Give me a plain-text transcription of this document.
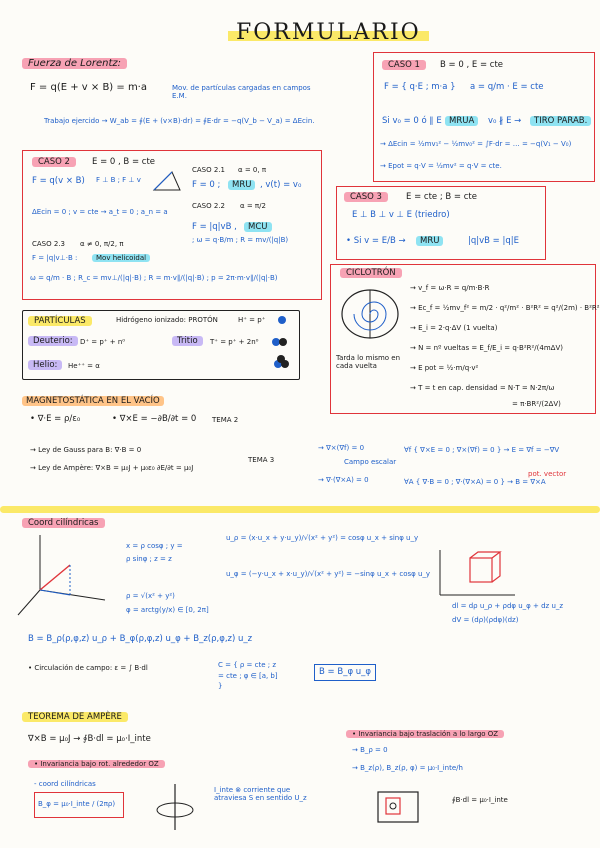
FORMULARIO
Fuerza de Lorentz:
F = q(E + v × B) = m·a	Mov. de partículas cargadas en campos E.M.
Trabajo ejercido → W_ab = ∮(E + (v×B)·dr) = ∮E·dr = −q(V_b − V_a) = ΔEcin.
CASO 1	B = 0 , E = cte
F = { q·E ; m·a } a = q/m · E = cte
Si v₀ = 0 ó ∥ E MRUA	v₀ ∦ E →	TIRO PARAB.
→ ΔEcin = ½mv₁² − ½mv₀² = ∫F·dr = … = −q(V₁ − V₀)
→ Epot = q·V = ½mv² = q·V = cte.
CASO 2	E = 0 , B = cte
F = q(v × B) F ⊥ B ; F ⊥ v
ΔEcin = 0 ; v = cte → a_t = 0 ; a_n = a
CASO 2.1 α = 0, π
F = 0 ;	MRU	, v(t) = v₀
CASO 2.2 α = π/2
F = |q|vB ,	MCU
; ω = q·B/m ; R = mv/(|q|B)
CASO 2.3 α ≠ 0, π/2, π
F = |q|v⊥·B :	Mov helicoidal
ω = q/m · B ; R_c = mv⊥/(|q|·B) ; R = m·v∥/(|q|·B) ; p = 2π·m·v∥/(|q|·B)
CASO 3	E = cte ; B = cte
E ⊥ B ⊥ v ⊥ E (triedro)
• Si v = E/B →	MRU	|q|vB = |q|E
CICLOTRÓN
Tarda lo mismo en cada vuelta
→ v_f = ω·R = q/m·B·R
→ Ec_f = ½mv_f² = m/2 · q²/m² · B²R² = q²/(2m) · B²R²
→ E_i = 2·q·ΔV (1 vuelta)
→ N = nº vueltas = E_f/E_i = q·B²R²/(4mΔV)
→ E pot = ½·m/q·v²
→ T = t en cap. densidad = N·T = N·2π/ω
= π·BR²/(2ΔV)
PARTÍCULAS	Hidrógeno ionizado: PROTÓN	H⁺ = p⁺
Deuterio:	D⁺ = p⁺ + n⁰	Tritio	T⁺ = p⁺ + 2n⁰
Helio:	He⁺⁺ = α
MAGNETOSTÁTICA EN EL VACÍO
• ∇·E = ρ/ε₀	• ∇×E = −∂B/∂t = 0 TEMA 2
→ Ley de Gauss para B: ∇·B = 0
→ Ley de Ampère: ∇×B = μ₀J + μ₀ε₀ ∂E/∂t = μ₀J
TEMA 3
→ ∇×(∇f) = 0
Campo escalar
→ ∇·(∇×A) = 0
∀f { ∇×E = 0 ; ∇×(∇f) = 0 } → E = ∇f = −∇V
∀A { ∇·B = 0 ; ∇·(∇×A) = 0 } → B = ∇×A
pot. vector
Coord cilíndricas
x = ρ cosφ ; y = ρ sinφ ; z = z
ρ = √(x² + y²)
φ = arctg(y/x) ∈ [0, 2π]
u_ρ = (x·u_x + y·u_y)/√(x² + y²) = cosφ u_x + sinφ u_y
u_φ = (−y·u_x + x·u_y)/√(x² + y²) = −sinφ u_x + cosφ u_y
dl = dρ u_ρ + ρdφ u_φ + dz u_z
dV = (dρ)(ρdφ)(dz)
B = B_ρ(ρ,φ,z) u_ρ + B_φ(ρ,φ,z) u_φ + B_z(ρ,φ,z) u_z
• Circulación de campo: ε = ∫ B·dl	C = { ρ = cte ; z = cte ; φ ∈ [a, b] }
B = B_φ u_φ
TEOREMA DE AMPÈRE
∇×B = μ₀J → ∮B·dl = μ₀·I_inte
• Invariancia bajo rot. alrededor OZ
- coord cilíndricas
B_φ = μ₀·I_inte / (2πρ)
I_inte ⊗ corriente que atraviesa S en sentido U_z
• Invariancia bajo traslación a lo largo OZ
→ B_ρ = 0
→ B_z(ρ), B_z(ρ, φ) = μ₀·I_inte/h
∮B·dl = μ₀·I_inte
